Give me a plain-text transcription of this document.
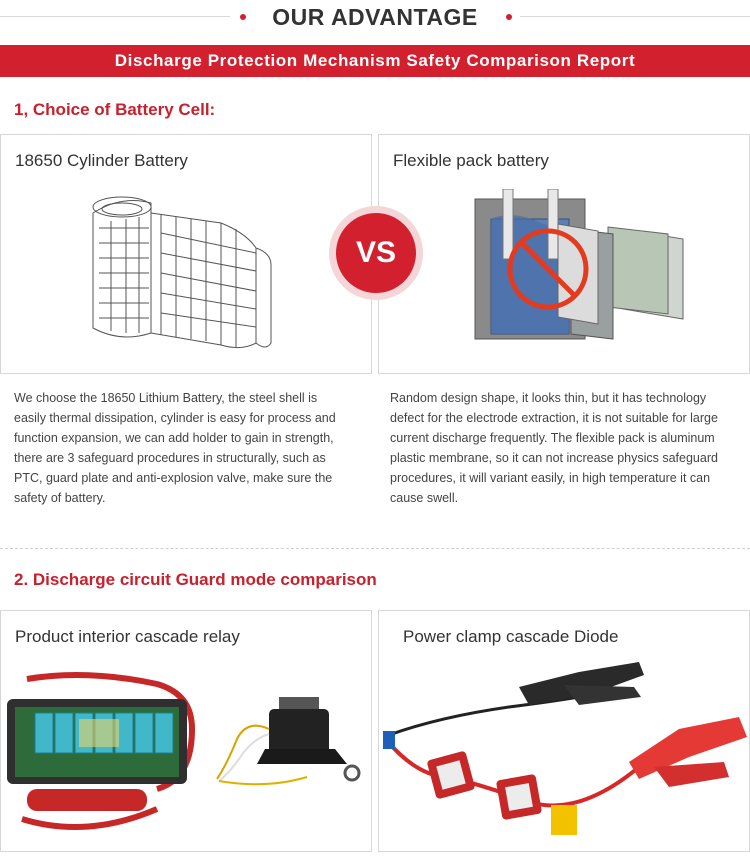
OUR ADVANTAGE
Discharge Protection Mechanism Safety Comparison Report
1, Choice of Battery Cell:
18650 Cylinder Battery	Flexible pack battery
VS
We choose the 18650 Lithium Battery, the steel shell is easily thermal dissipation, cylinder is easy for process and function expansion, we can add holder to gain in strength, there are 3 safeguard procedures in structurally, such as PTC, guard plate and anti-explosion valve, make sure the safety of battery.
Random design shape, it looks thin, but it has technology defect for the electrode extraction, it is not suitable for large current discharge frequently. The flexible pack is aluminum plastic membrane, so it can not increase physics safeguard procedures, it will variant easily, in high temperature it can cause swell.
2. Discharge circuit Guard mode comparison
Product interior cascade relay	Power clamp cascade Diode
